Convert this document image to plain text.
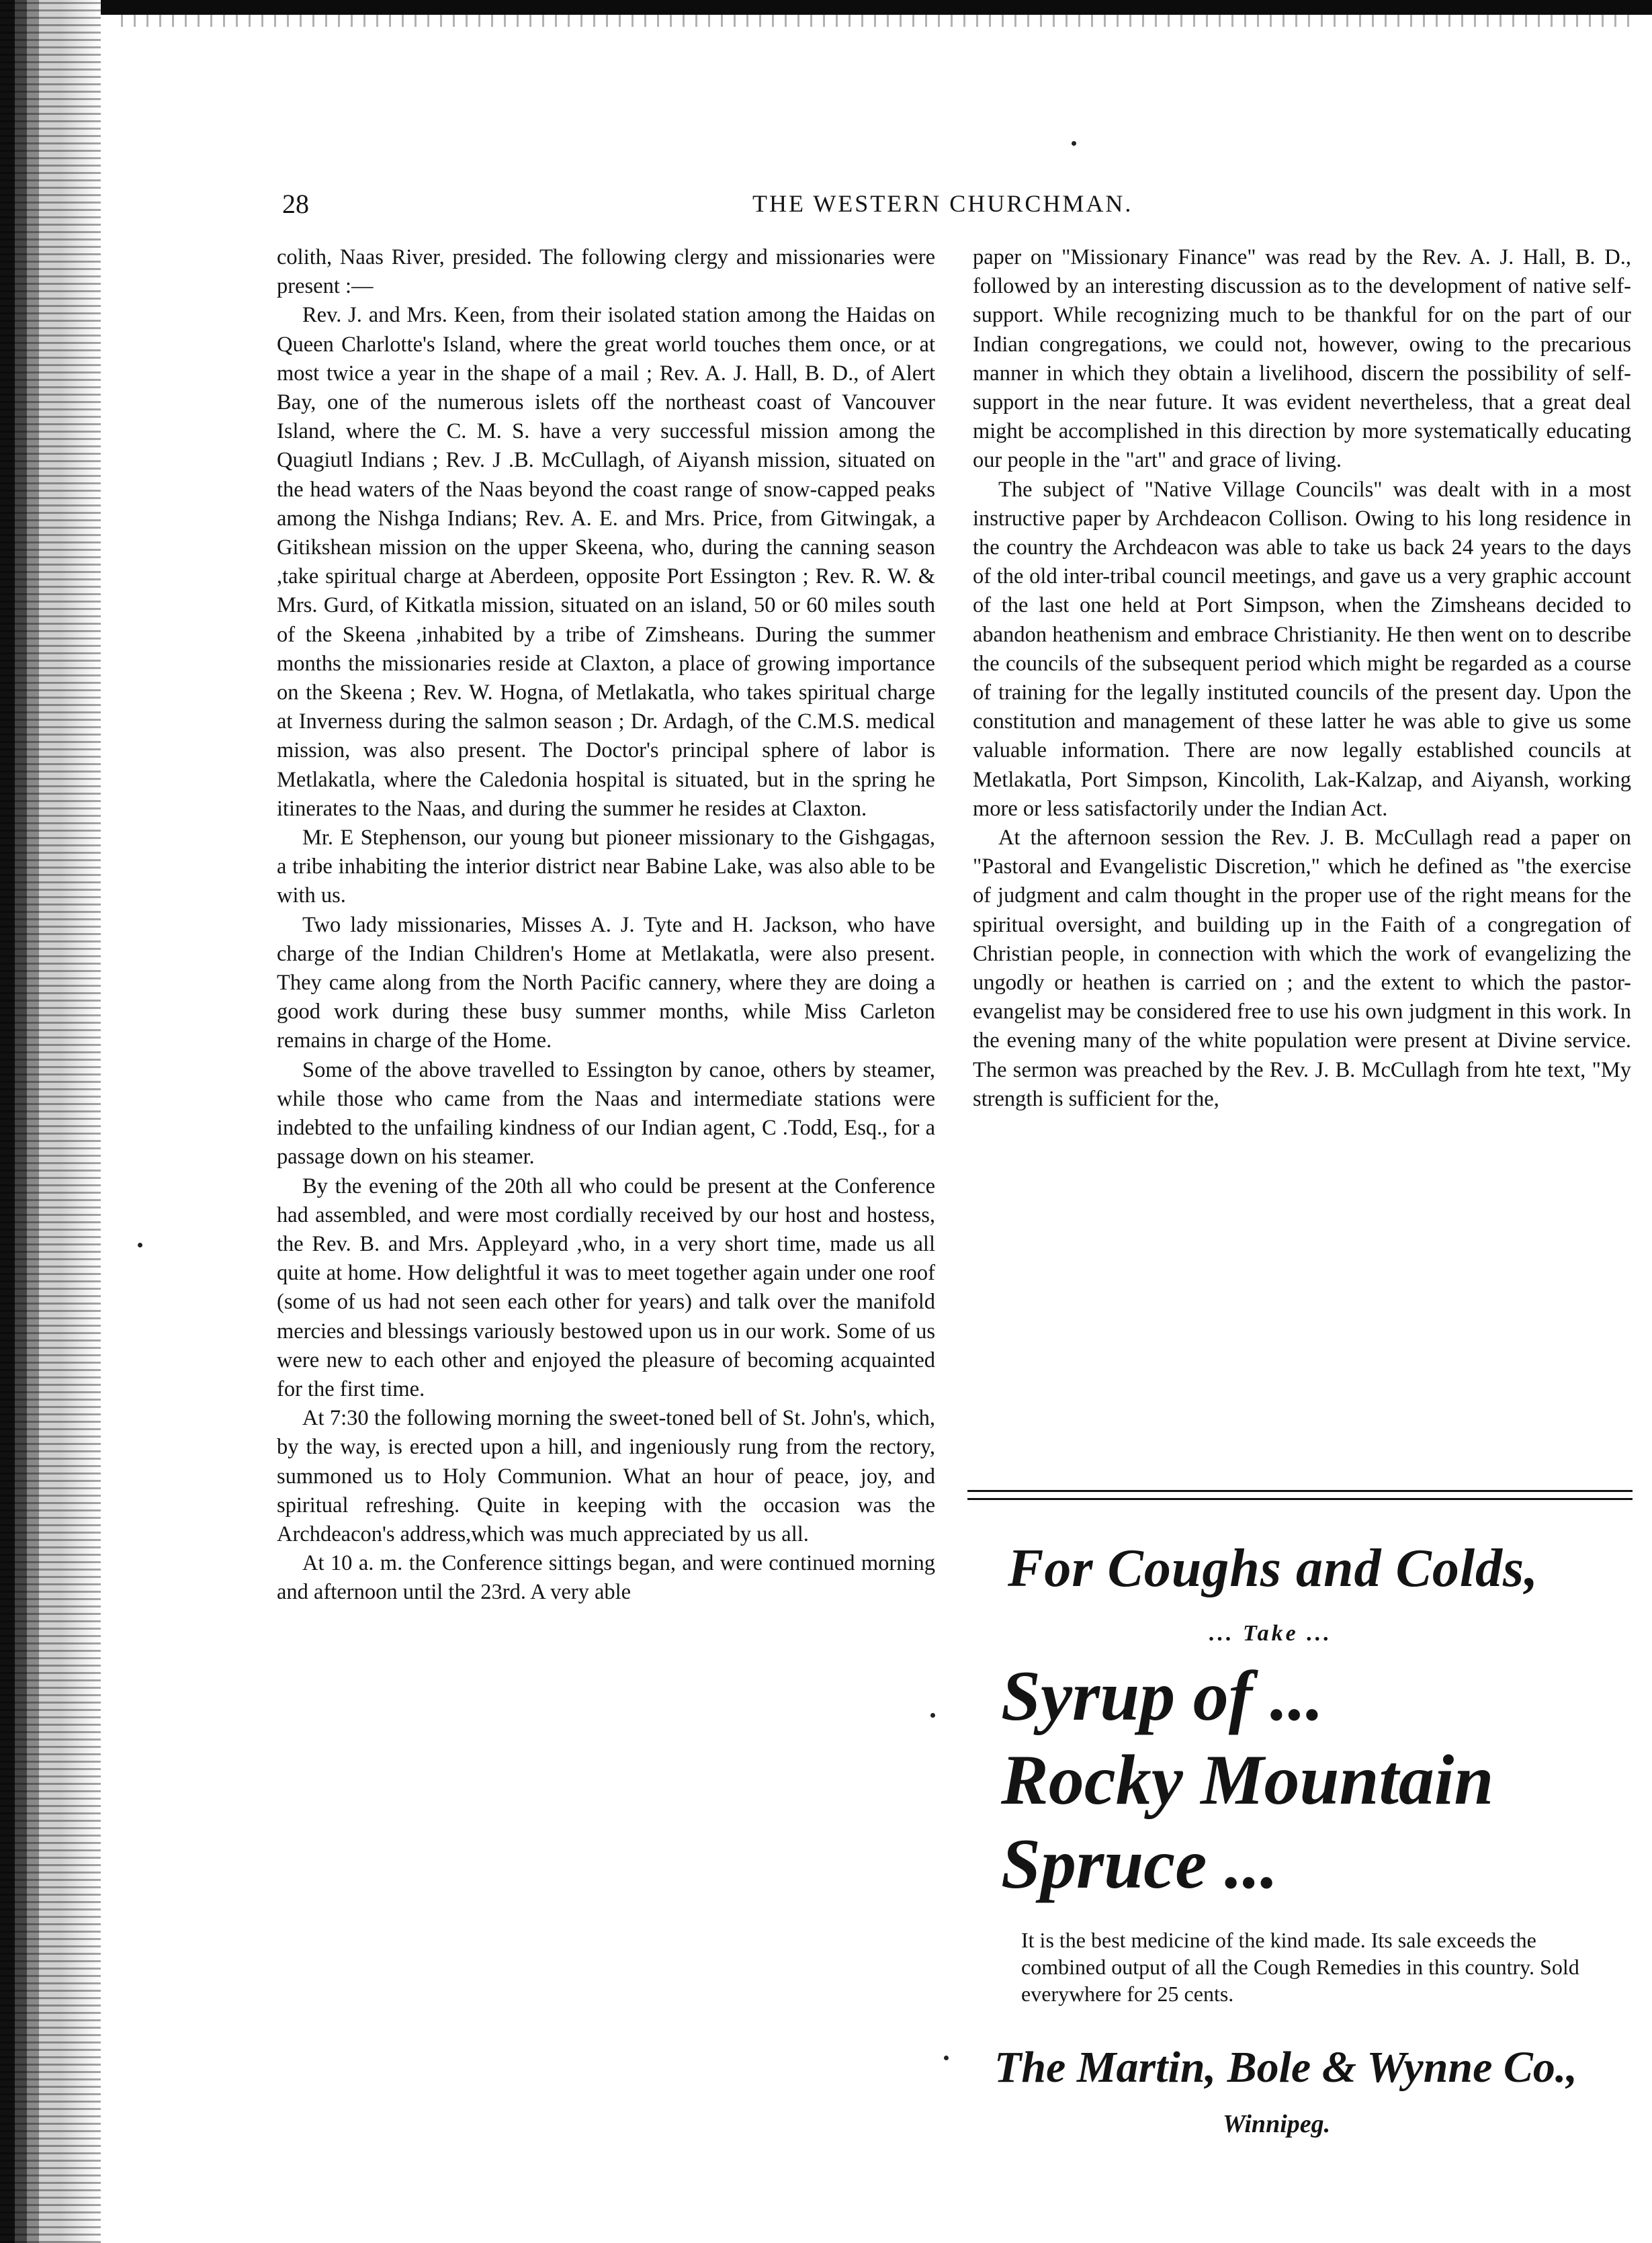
28	THE WESTERN CHURCHMAN.

colith, Naas River, presided. The following clergy and missionaries were present :—

Rev. J. and Mrs. Keen, from their isolated station among the Haidas on Queen Charlotte's Island, where the great world touches them once, or at most twice a year in the shape of a mail ; Rev. A. J. Hall, B. D., of Alert Bay, one of the numerous islets off the northeast coast of Vancouver Island, where the C. M. S. have a very successful mission among the Quagiutl Indians ; Rev. J .B. McCullagh, of Aiyansh mission, situated on the head waters of the Naas beyond the coast range of snow-capped peaks among the Nishga Indians; Rev. A. E. and Mrs. Price, from Gitwingak, a Gitikshean mission on the upper Skeena, who, during the canning season ,take spiritual charge at Aberdeen, opposite Port Essington ; Rev. R. W. & Mrs. Gurd, of Kitkatla mission, situated on an island, 50 or 60 miles south of the Skeena ,inhabited by a tribe of Zimsheans. During the summer months the missionaries reside at Claxton, a place of growing importance on the Skeena ; Rev. W. Hogna, of Metlakatla, who takes spiritual charge at Inverness during the salmon season ; Dr. Ardagh, of the C.M.S. medical mission, was also present. The Doctor's principal sphere of labor is Metlakatla, where the Caledonia hospital is situated, but in the spring he itinerates to the Naas, and during the summer he resides at Claxton.

Mr. E Stephenson, our young but pioneer missionary to the Gishgagas, a tribe inhabiting the interior district near Babine Lake, was also able to be with us.

Two lady missionaries, Misses A. J. Tyte and H. Jackson, who have charge of the Indian Children's Home at Metlakatla, were also present. They came along from the North Pacific cannery, where they are doing a good work during these busy summer months, while Miss Carleton remains in charge of the Home.

Some of the above travelled to Essington by canoe, others by steamer, while those who came from the Naas and intermediate stations were indebted to the unfailing kindness of our Indian agent, C .Todd, Esq., for a passage down on his steamer.

By the evening of the 20th all who could be present at the Conference had assembled, and were most cordially received by our host and hostess, the Rev. B. and Mrs. Appleyard ,who, in a very short time, made us all quite at home. How delightful it was to meet together again under one roof (some of us had not seen each other for years) and talk over the manifold mercies and blessings variously bestowed upon us in our work. Some of us were new to each other and enjoyed the pleasure of becoming acquainted for the first time.

At 7:30 the following morning the sweet-toned bell of St. John's, which, by the way, is erected upon a hill, and ingeniously rung from the rectory, summoned us to Holy Communion. What an hour of peace, joy, and spiritual refreshing. Quite in keeping with the occasion was the Archdeacon's address,which was much appreciated by us all.

At 10 a. m. the Conference sittings began, and were continued morning and afternoon until the 23rd. A very able

paper on "Missionary Finance" was read by the Rev. A. J. Hall, B. D., followed by an interesting discussion as to the development of native self-support. While recognizing much to be thankful for on the part of our Indian congregations, we could not, however, owing to the precarious manner in which they obtain a livelihood, discern the possibility of self-support in the near future. It was evident nevertheless, that a great deal might be accomplished in this direction by more systematically educating our people in the "art" and grace of living.

The subject of "Native Village Councils" was dealt with in a most instructive paper by Archdeacon Collison. Owing to his long residence in the country the Archdeacon was able to take us back 24 years to the days of the old inter-tribal council meetings, and gave us a very graphic account of the last one held at Port Simpson, when the Zimsheans decided to abandon heathenism and embrace Christianity. He then went on to describe the councils of the subsequent period which might be regarded as a course of training for the legally instituted councils of the present day. Upon the constitution and management of these latter he was able to give us some valuable information. There are now legally established councils at Metlakatla, Port Simpson, Kincolith, Lak-Kalzap, and Aiyansh, working more or less satisfactorily under the Indian Act.

At the afternoon session the Rev. J. B. McCullagh read a paper on "Pastoral and Evangelistic Discretion," which he defined as "the exercise of judgment and calm thought in the proper use of the right means for the spiritual oversight, and building up in the Faith of a congregation of Christian people, in connection with which the work of evangelizing the ungodly or heathen is carried on ; and the extent to which the pastor-evangelist may be considered free to use his own judgment in this work. In the evening many of the white population were present at Divine service. The sermon was preached by the Rev. J. B. McCullagh from hte text, "My strength is sufficient for the,

For Coughs and Colds,
... Take ...
Syrup of ...
Rocky Mountain
Spruce ...
It is the best medicine of the kind made. Its sale exceeds the combined output of all the Cough Remedies in this country. Sold everywhere for 25 cents.
The Martin, Bole & Wynne Co.,
Winnipeg.
